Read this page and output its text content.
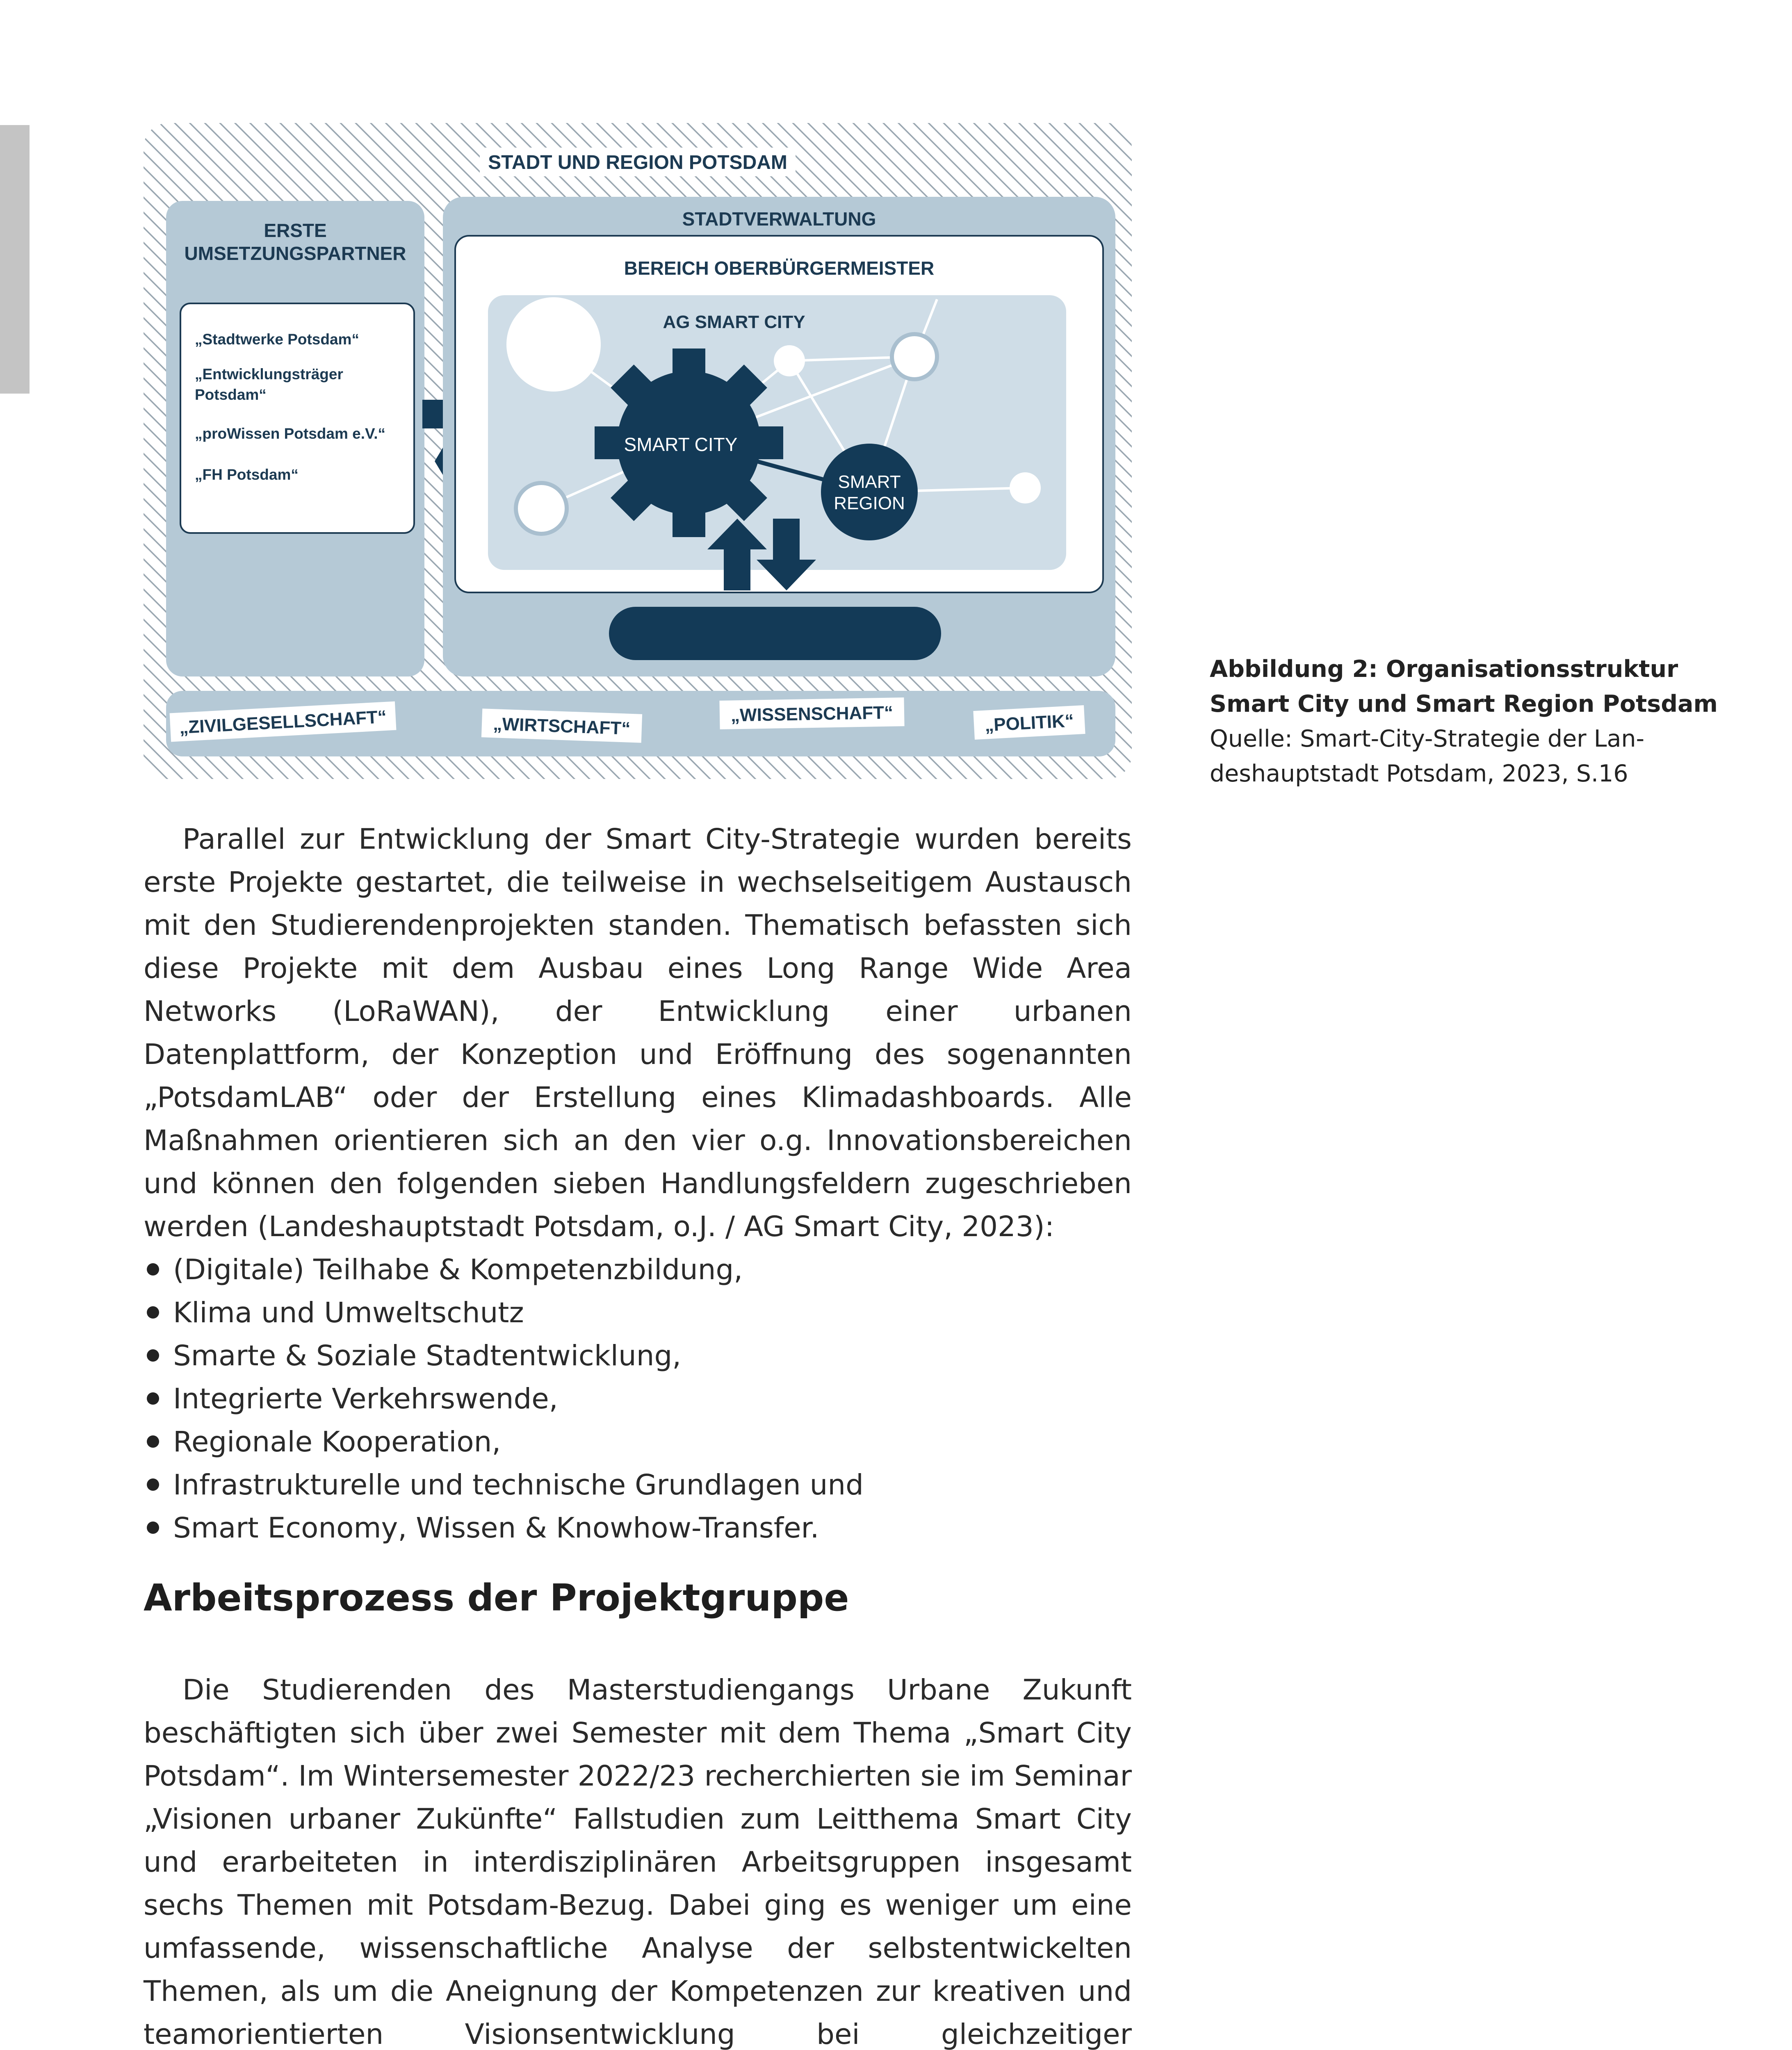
STADT UND REGION POTSDAM
ERSTE
UMSETZUNGSPARTNER
„Stadtwerke Potsdam“
„Entwicklungsträger
Potsdam“
„proWissen Potsdam e.V.“
„FH Potsdam“
STADTVERWALTUNG
BEREICH OBERBÜRGERMEISTER
AG SMART CITY
SMART CITY
SMART
REGION
„ZIVILGESELLSCHAFT“	„WIRTSCHAFT“	„WISSENSCHAFT“	„POLITIK“
Abbildung 2: Organisationsstruktur
Smart City und Smart Region Potsdam
Quelle: Smart-City-Strategie der Lan-
deshauptstadt Potsdam, 2023, S.16

Parallel zur Entwicklung der Smart City-Strategie wurden bereits erste Projekte gestartet, die teilweise in wechselseitigem Austausch mit den Studierendenprojekten standen. Thematisch befassten sich diese Projekte mit dem Ausbau eines Long Range Wide Area Networks (LoRaWAN), der Entwicklung einer urbanen Datenplattform, der Konzeption und Eröffnung des sogenannten „PotsdamLAB“ oder der Erstellung eines Klimadashboards. Alle Maßnahmen orientieren sich an den vier o.g. Innovationsbereichen und können den folgenden sieben Handlungsfeldern zugeschrieben werden (Landeshauptstadt Potsdam, o.J. / AG Smart City, 2023):

(Digitale) Teilhabe & Kompetenzbildung,
Klima und Umweltschutz
Smarte & Soziale Stadtentwicklung,
Integrierte Verkehrswende,
Regionale Kooperation,
Infrastrukturelle und technische Grundlagen und
Smart Economy, Wissen & Knowhow-Transfer.
Arbeitsprozess der Projektgruppe

Die Studierenden des Masterstudiengangs Urbane Zukunft beschäftigten sich über zwei Semester mit dem Thema „Smart City Potsdam“. Im Wintersemester 2022/23 recherchierten sie im Seminar „Visionen urbaner Zukünfte“ Fallstudien zum Leitthema Smart City und erarbeiteten in interdisziplinären Arbeitsgruppen insgesamt sechs Themen mit Potsdam-Bezug. Dabei ging es weniger um eine umfassende, wissenschaftliche Analyse der selbstentwickelten Themen, als um die Aneignung der Kompetenzen zur kreativen und teamorientierten Visionsentwicklung bei gleichzeitiger
